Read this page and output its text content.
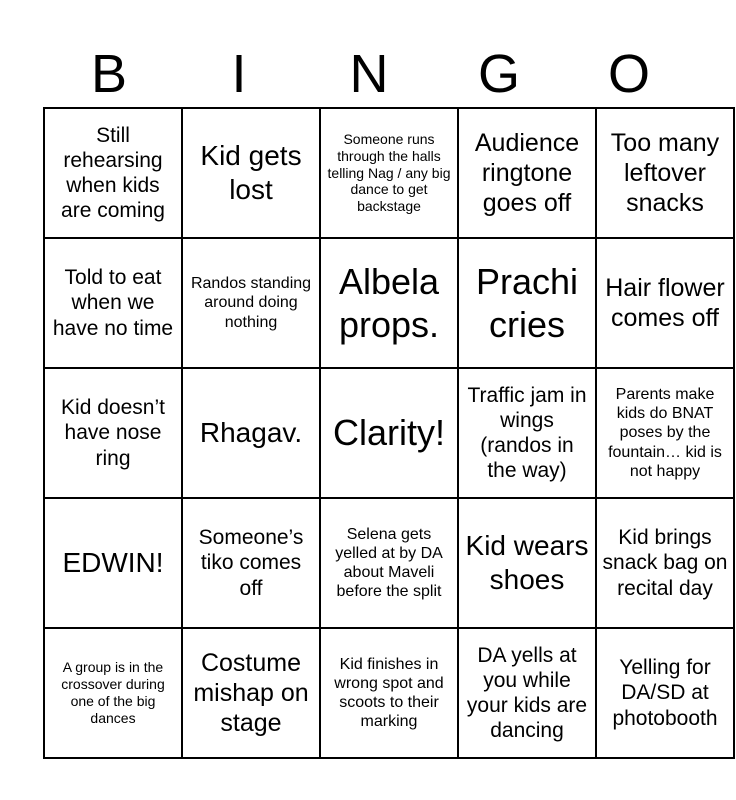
B	I	N	G	O
Still rehearsing when kids are coming	Kid gets lost	Someone runs through the halls telling Nag / any big dance to get backstage	Audience ringtone goes off	Too many leftover snacks
Told to eat when we have no time	Randos standing around doing nothing	Albela props.	Prachi cries	Hair flower comes off
Kid doesn’t have nose ring	Rhagav.	Clarity!	Traffic jam in wings (randos in the way)	Parents make kids do BNAT poses by the fountain… kid is not happy
EDWIN!	Someone’s tiko comes off	Selena gets yelled at by DA about Maveli before the split	Kid wears shoes	Kid brings snack bag on recital day
A group is in the crossover during one of the big dances	Costume mishap on stage	Kid finishes in wrong spot and scoots to their marking	DA yells at you while your kids are dancing	Yelling for DA/SD at photobooth
